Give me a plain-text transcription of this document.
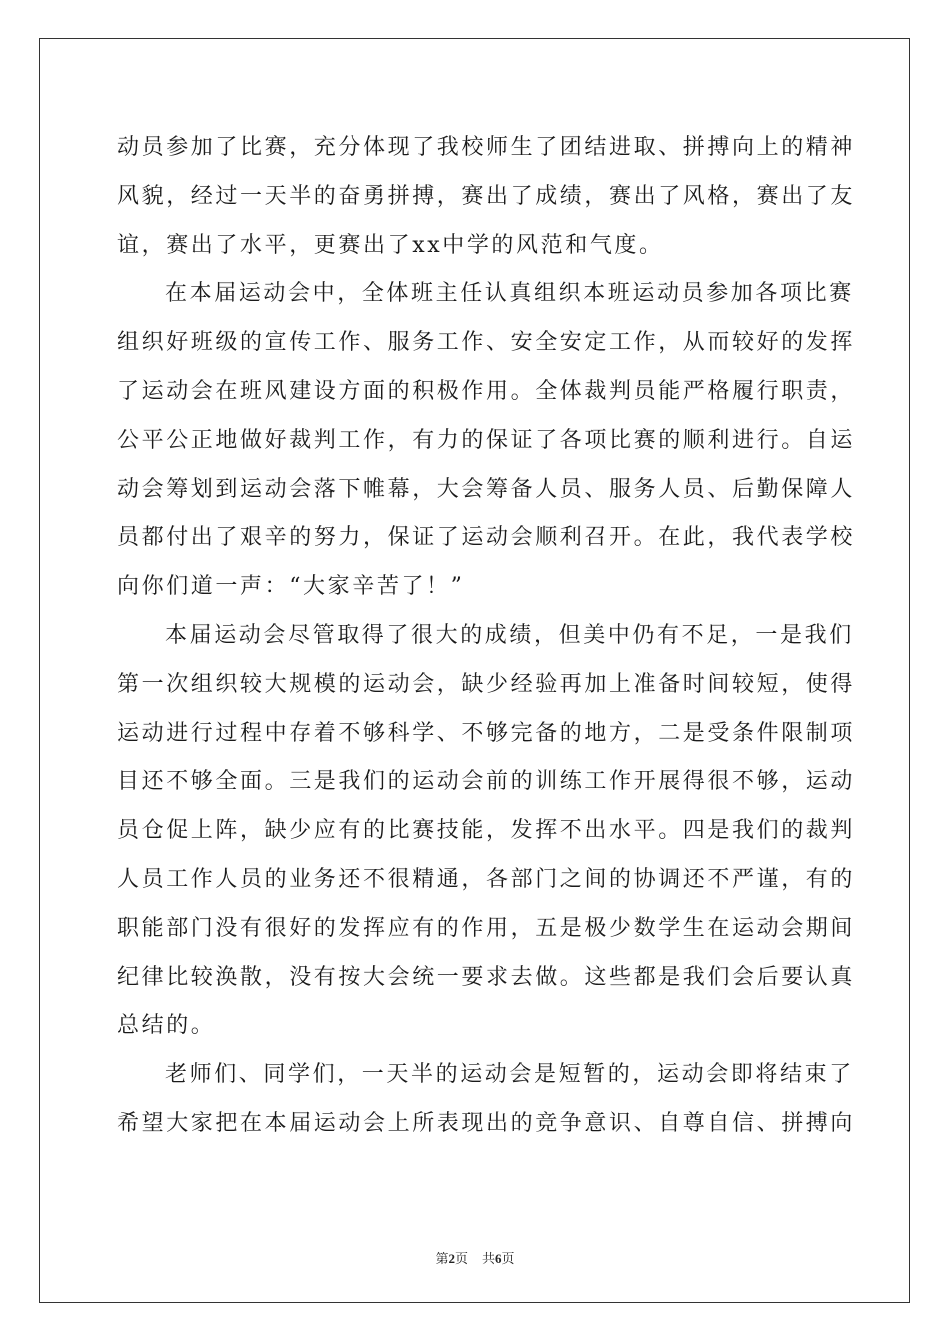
动员参加了比赛，充分体现了我校师生了团结进取、拼搏向上的精神
风貌，经过一天半的奋勇拼搏，赛出了成绩，赛出了风格，赛出了友
谊，赛出了水平，更赛出了xx中学的风范和气度。
在本届运动会中，全体班主任认真组织本班运动员参加各项比赛
组织好班级的宣传工作、服务工作、安全安定工作，从而较好的发挥
了运动会在班风建设方面的积极作用。全体裁判员能严格履行职责，
公平公正地做好裁判工作，有力的保证了各项比赛的顺利进行。自运
动会筹划到运动会落下帷幕，大会筹备人员、服务人员、后勤保障人
员都付出了艰辛的努力，保证了运动会顺利召开。在此，我代表学校
向你们道一声：“大家辛苦了！”
本届运动会尽管取得了很大的成绩，但美中仍有不足，一是我们
第一次组织较大规模的运动会，缺少经验再加上准备时间较短，使得
运动进行过程中存着不够科学、不够完备的地方，二是受条件限制项
目还不够全面。三是我们的运动会前的训练工作开展得很不够，运动
员仓促上阵，缺少应有的比赛技能，发挥不出水平。四是我们的裁判
人员工作人员的业务还不很精通，各部门之间的协调还不严谨，有的
职能部门没有很好的发挥应有的作用，五是极少数学生在运动会期间
纪律比较涣散，没有按大会统一要求去做。这些都是我们会后要认真
总结的。
老师们、同学们，一天半的运动会是短暂的，运动会即将结束了
希望大家把在本届运动会上所表现出的竞争意识、自尊自信、拼搏向
第2页 共6页
